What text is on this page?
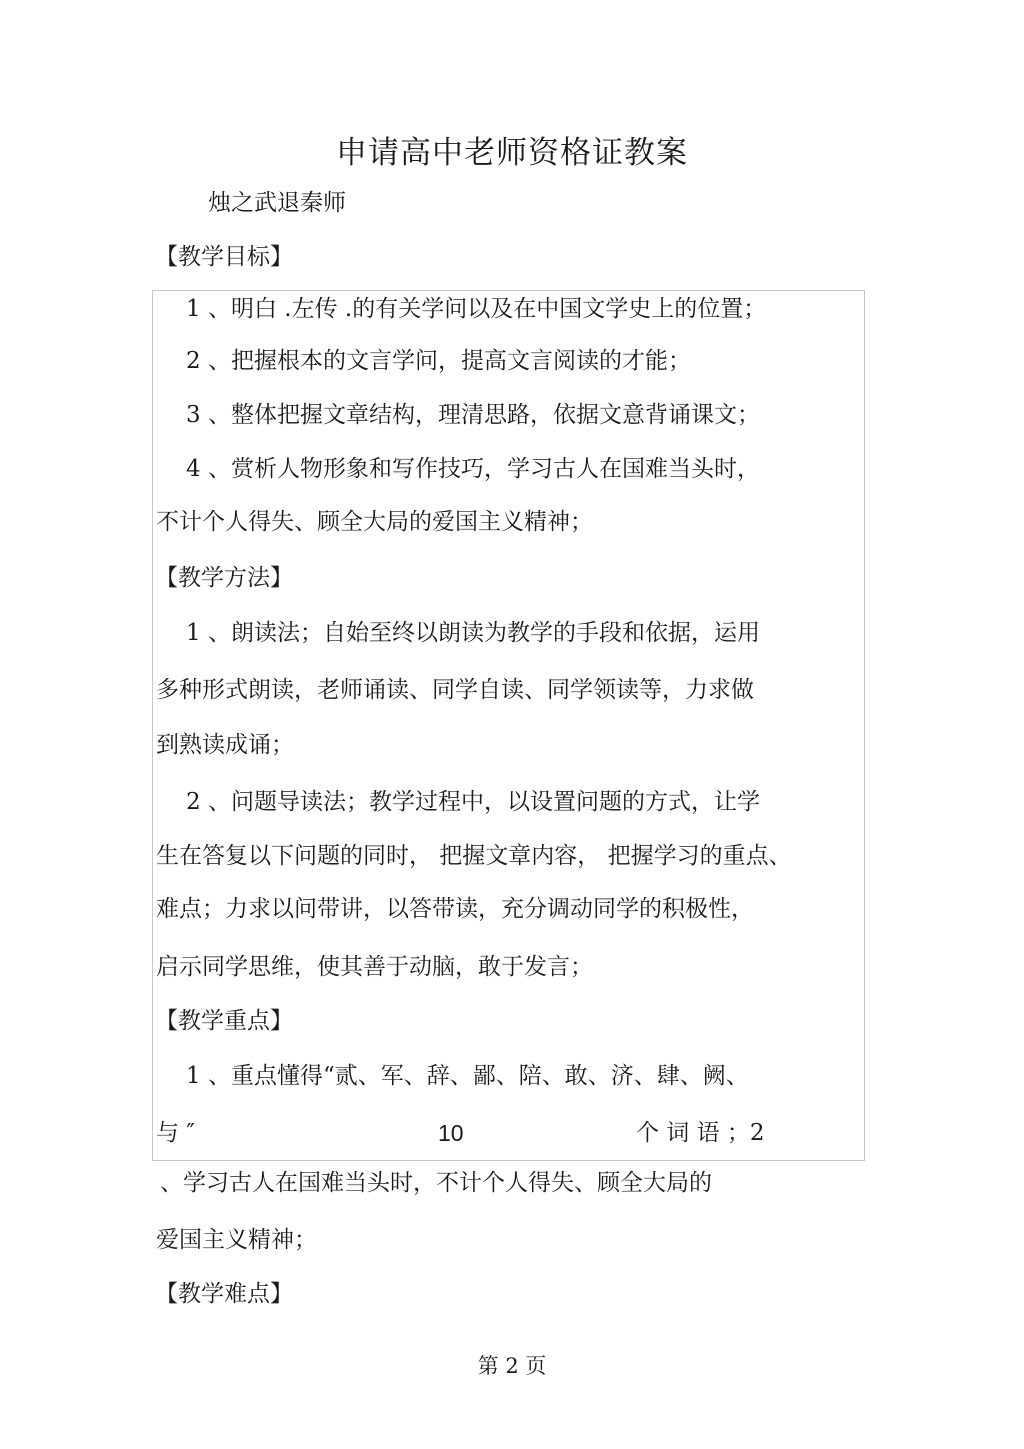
申请高中老师资格证教案
烛之武退秦师
【教学目标】
1 、明白 .左传 .的有关学问以及在中国文学史上的位置；
2 、把握根本的文言学问，提高文言阅读的才能；
3 、整体把握文章结构，理清思路，依据文意背诵课文；
4 、赏析人物形象和写作技巧，学习古人在国难当头时，
不计个人得失、顾全大局的爱国主义精神；
【教学方法】
1 、朗读法；自始至终以朗读为教学的手段和依据，运用
多种形式朗读，老师诵读、同学自读、同学领读等，力求做
到熟读成诵；
2 、问题导读法；教学过程中，以设置问题的方式，让学
生在答复以下问题的同时， 把握文章内容， 把握学习的重点、
难点；力求以问带讲，以答带读，充分调动同学的积极性，
启示同学思维，使其善于动脑，敢于发言；
【教学重点】
1 、重点懂得“贰、军、辞、鄙、陪、敢、济、肆、阙、
与 ″	10	个 词 语 ；2
、学习古人在国难当头时，不计个人得失、顾全大局的
爱国主义精神；
【教学难点】
第 2 页
